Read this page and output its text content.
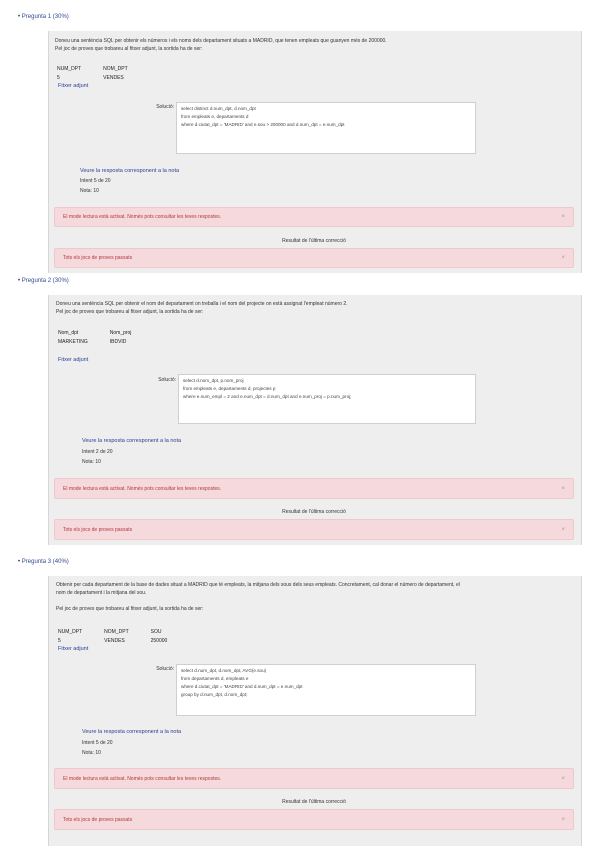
• Pregunta 1 (30%)
Doneu una sentència SQL per obtenir els números i els noms dels departament situats a MADRID, que tenen empleats que guanyen més de 200000.
Pel joc de proves que trobareu al fitxer adjunt, la sortida ha de ser:
NUM_DPT	NOM_DPT
5	VENDES
Fitxer adjunt
Solució: select distinct d.num_dpt, d.nom_dpt
from empleats e, departaments d
where d.ciutat_dpt = 'MADRID' and e.sou > 200000 and d.num_dpt = e.num_dpt
Veure la resposta corresponent a la nota
Intent 5 de 20
Nota: 10
El mode lectura està activat. Només pots consultar les teves respostes.	×
Resultat de l'última correcció
Tots els jocs de proves passats	×
• Pregunta 2 (30%)
Doneu una sentència SQL per obtenir el nom del departament on treballa i el nom del projecte on està assignat l'empleat número 2.
Pel joc de proves que trobareu al fitxer adjunt, la sortida ha de ser:
Nom_dpt	Nom_proj
MARKETING	IBDVID
Fitxer adjunt
Solució: select d.nom_dpt, p.nom_proj
from empleats e, departaments d, projectes p
where e.num_empl = 2 and e.num_dpt = d.num_dpt and e.num_proj = p.num_proj;
Veure la resposta corresponent a la nota
Intent 2 de 20
Nota: 10
El mode lectura està activat. Només pots consultar les teves respostes.	×
Resultat de l'última correcció
Tots els jocs de proves passats	×
• Pregunta 3 (40%)
Obtenir per cada departament de la base de dades situat a MADRID que té empleats, la mitjana dels sous dels seus empleats. Concretament, cal donar el número de departament, el
nom de departament i la mitjana del sou.
Pel joc de proves que trobareu al fitxer adjunt, la sortida ha de ser:
NUM_DPT	NOM_DPT	SOU
5	VENDES	250000
Fitxer adjunt
Solució: select d.num_dpt, d.nom_dpt, AVG(e.sou)
from departaments d, empleats e
where d.ciutat_dpt = 'MADRID' and d.num_dpt = e.num_dpt
group by d.num_dpt, d.nom_dpt;
Veure la resposta corresponent a la nota
Intent 5 de 20
Nota: 10
El mode lectura està activat. Només pots consultar les teves respostes.	×
Resultat de l'última correcció
Tots els jocs de proves passats	×
